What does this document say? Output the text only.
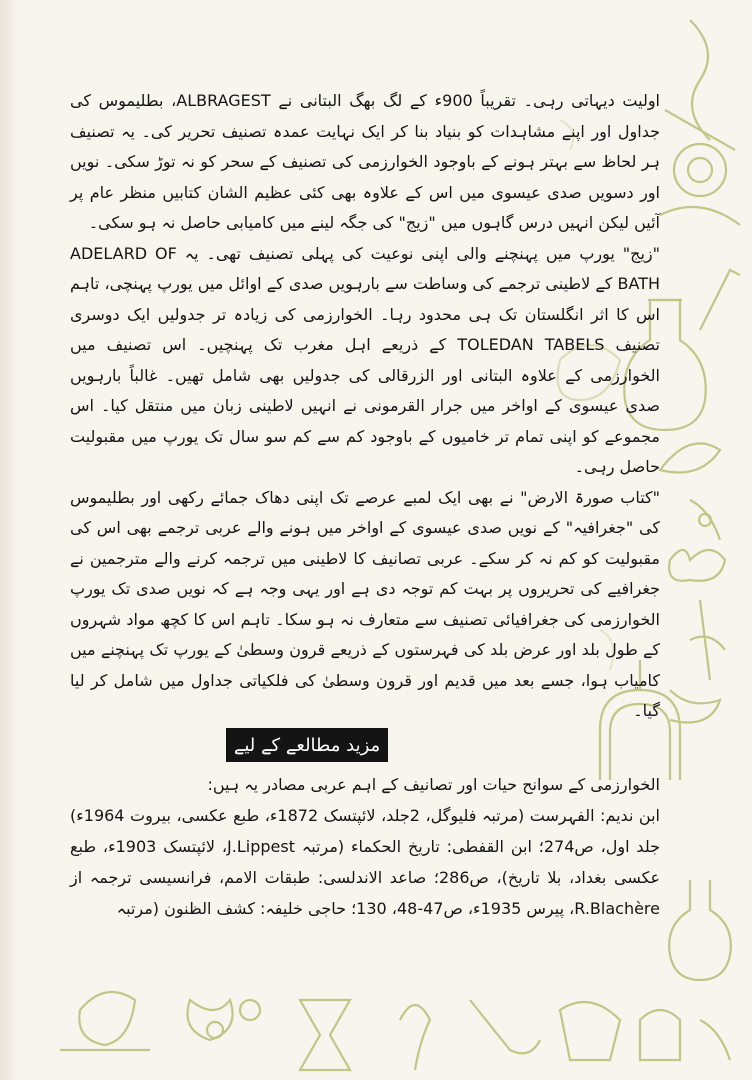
اولیت دیہاتی رہی۔ تقریباً 900ء کے لگ بھگ البتانی نے ALBRAGEST، بطلیموس کی جداول اور اپنے مشاہدات کو بنیاد بنا کر ایک نہایت عمدہ تصنیف تحریر کی۔ یہ تصنیف ہر لحاظ سے بہتر ہونے کے باوجود الخوارزمی کی تصنیف کے سحر کو نہ توڑ سکی۔ نویں اور دسویں صدی عیسوی میں اس کے علاوہ بھی کئی عظیم الشان کتابیں منظر عام پر آئیں لیکن انہیں درس گاہوں میں "زیج" کی جگہ لینے میں کامیابی حاصل نہ ہو سکی۔

"زیج" یورپ میں پہنچنے والی اپنی نوعیت کی پہلی تصنیف تھی۔ یہ ADELARD OF BATH کے لاطینی ترجمے کی وساطت سے بارہویں صدی کے اوائل میں یورپ پہنچی، تاہم اس کا اثر انگلستان تک ہی محدود رہا۔ الخوارزمی کی زیادہ تر جدولیں ایک دوسری تصنیف TOLEDAN TABELS کے ذریعے اہل مغرب تک پہنچیں۔ اس تصنیف میں الخوارزمی کے علاوہ البتانی اور الزرقالی کی جدولیں بھی شامل تھیں۔ غالباً بارہویں صدی عیسوی کے اواخر میں جرار القرمونی نے انہیں لاطینی زبان میں منتقل کیا۔ اس مجموعے کو اپنی تمام تر خامیوں کے باوجود کم سے کم سو سال تک یورپ میں مقبولیت حاصل رہی۔

"کتاب صورۃ الارض" نے بھی ایک لمبے عرصے تک اپنی دھاک جمائے رکھی اور بطلیموس کی "جغرافیہ" کے نویں صدی عیسوی کے اواخر میں ہونے والے عربی ترجمے بھی اس کی مقبولیت کو کم نہ کر سکے۔ عربی تصانیف کا لاطینی میں ترجمہ کرنے والے مترجمین نے جغرافیے کی تحریروں پر بہت کم توجہ دی ہے اور یہی وجہ ہے کہ نویں صدی تک یورپ الخوارزمی کی جغرافیائی تصنیف سے متعارف نہ ہو سکا۔ تاہم اس کا کچھ مواد شہروں کے طول بلد اور عرض بلد کی فہرستوں کے ذریعے قرون وسطیٰ کے یورپ تک پہنچنے میں کامیاب ہوا، جسے بعد میں قدیم اور قرون وسطیٰ کی فلکیاتی جداول میں شامل کر لیا گیا۔

مزید مطالعے کے لیے

الخوارزمی کے سوانح حیات اور تصانیف کے اہم عربی مصادر یہ ہیں:

ابن ندیم: الفہرست (مرتبہ فلیوگل، 2جلد، لائپتسک 1872ء، طبع عکسی، بیروت 1964ء) جلد اول، ص274؛ ابن القفطی: تاریخ الحکماء (مرتبہ J.Lippest، لائپتسک 1903ء، طبع عکسی بغداد، بلا تاریخ)، ص286؛ صاعد الاندلسی: طبقات الامم، فرانسیسی ترجمہ از R.Blachère، پیرس 1935ء، ص47-48، 130؛ حاجی خلیفہ: کشف الظنون (مرتبہ
